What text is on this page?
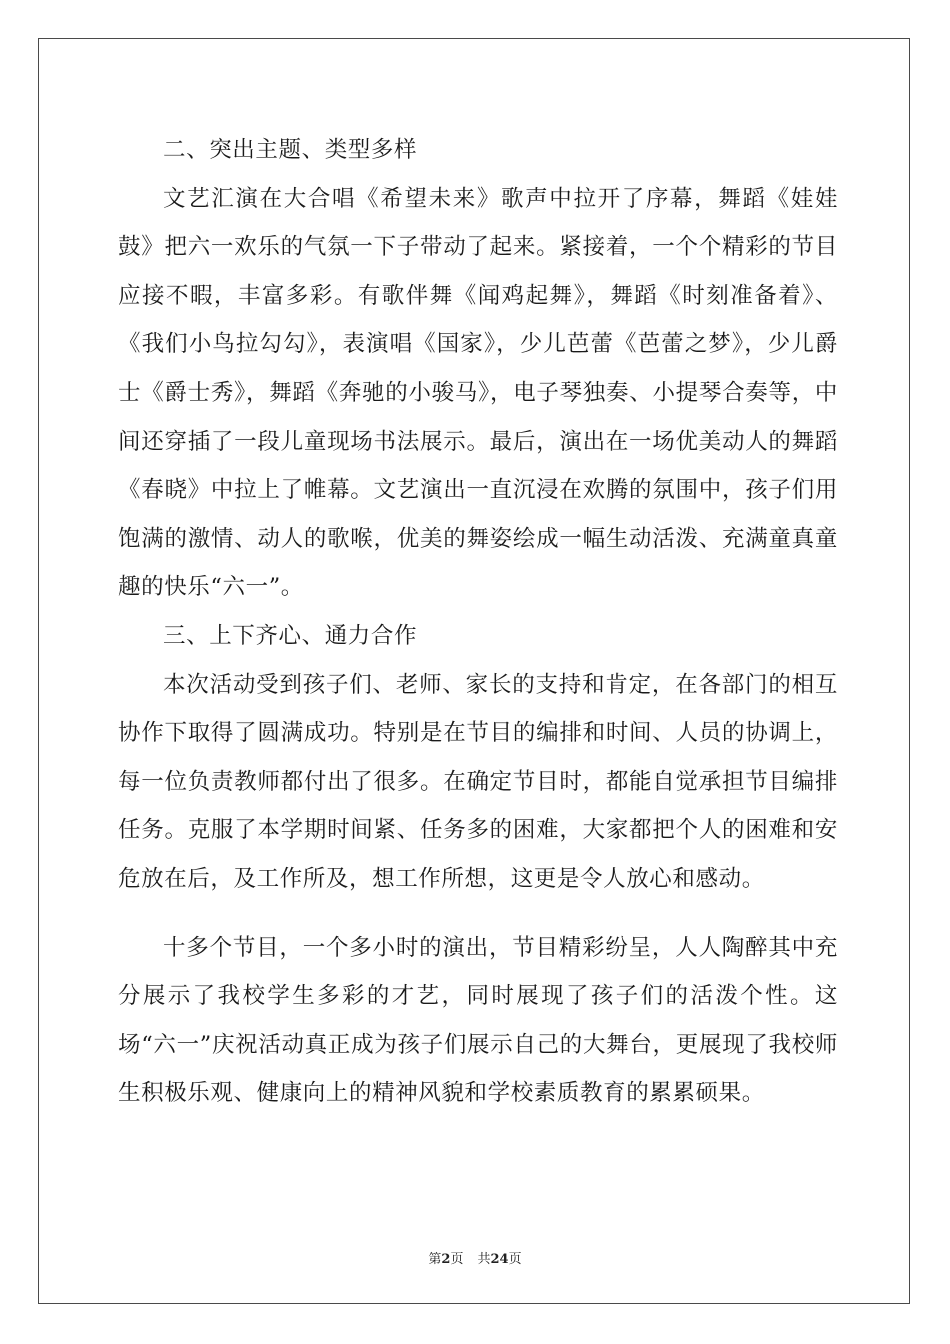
二、突出主题、类型多样

文艺汇演在大合唱《希望未来》歌声中拉开了序幕，舞蹈《娃娃鼓》把六一欢乐的气氛一下子带动了起来。紧接着，一个个精彩的节目应接不暇，丰富多彩。有歌伴舞《闻鸡起舞》，舞蹈《时刻准备着》、《我们小鸟拉勾勾》，表演唱《国家》，少儿芭蕾《芭蕾之梦》，少儿爵士《爵士秀》，舞蹈《奔驰的小骏马》，电子琴独奏、小提琴合奏等，中间还穿插了一段儿童现场书法展示。最后，演出在一场优美动人的舞蹈《春晓》中拉上了帷幕。文艺演出一直沉浸在欢腾的氛围中，孩子们用饱满的激情、动人的歌喉，优美的舞姿绘成一幅生动活泼、充满童真童趣的快乐“六一”。

三、上下齐心、通力合作

本次活动受到孩子们、老师、家长的支持和肯定，在各部门的相互协作下取得了圆满成功。特别是在节目的编排和时间、人员的协调上，每一位负责教师都付出了很多。在确定节目时，都能自觉承担节目编排任务。克服了本学期时间紧、任务多的困难，大家都把个人的困难和安危放在后，及工作所及，想工作所想，这更是令人放心和感动。

十多个节目，一个多小时的演出，节目精彩纷呈，人人陶醉其中充分展示了我校学生多彩的才艺，同时展现了孩子们的活泼个性。这场“六一”庆祝活动真正成为孩子们展示自己的大舞台，更展现了我校师生积极乐观、健康向上的精神风貌和学校素质教育的累累硕果。

第2页 共24页
